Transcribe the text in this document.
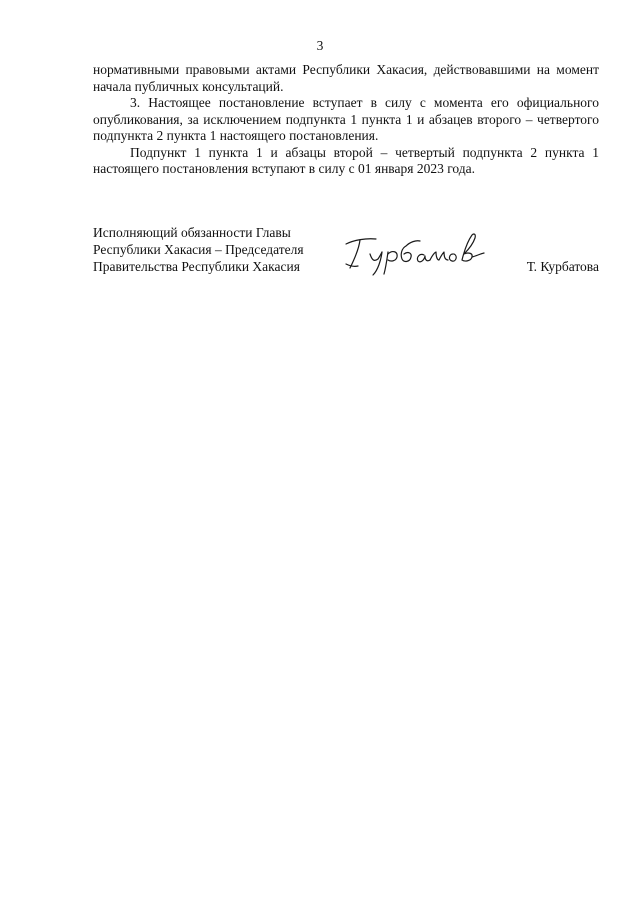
3

нормативными правовыми актами Республики Хакасия, действовавшими на момент начала публичных консультаций.

3. Настоящее постановление вступает в силу с момента его официального опубликования, за исключением подпункта 1 пункта 1 и абзацев второго – четвертого подпункта 2 пункта 1 настоящего постановления.

Подпункт 1 пункта 1 и абзацы второй – четвертый подпункта 2 пункта 1 настоящего постановления вступают в силу с 01 января 2023 года.

Исполняющий обязанности Главы
Республики Хакасия – Председателя
Правительства Республики Хакасия	Т. Курбатова
